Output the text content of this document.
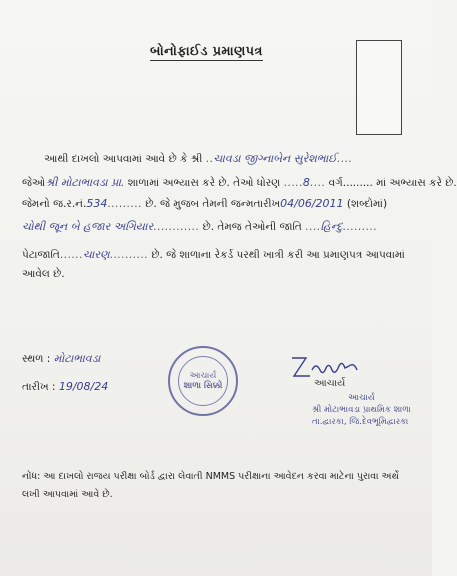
બોનોફાઈડ પ્રમાણપત્ર
આથી દાખલો આપવામાં આવે છે કે શ્રી ..ચાવડા જીગ્નાબેન સુરેશભાઈ....
જેઓશ્રી મોટાભાવડા પ્રા. શાળામાં અભ્યાસ કરે છે. તેઓ ધોરણ .....8.... વર્ગ......... માં અભ્યાસ કરે છે.
જેમનો જ.ર.નં.534......... છે. જે મુજબ તેમની જન્મતારીખ04/06/2011 (શબ્દોમાં)
ચોથી જૂન બે હજાર અગિયાર............ છે. તેમજ તેઓની જાતિ ....હિન્દુ.........
પેટાજાતિ......ચારણ.......... છે. જે શાળાના રેકર્ડ પરથી ખાત્રી કરી આ પ્રમાણપત્ર આપવામાં
આવેલ છે.
સ્થળ : મોટાભાવડા
તારીખ : 19/08/24
આચાર્ય
શાળા સિક્કો	આચાર્ય
આચાર્ય
શ્રી મોટાભાવડા પ્રાથમિક શાળા
તા.દ્વારકા, જિ.દેવભૂમિદ્વારકા
નોંધ: આ દાખલો રાજય પરીક્ષા બોર્ડ દ્વારા લેવાતી NMMS પરીક્ષાના આવેદન કરવા માટેના પુરાવા અર્થે લખી આપવામાં આવે છે.
